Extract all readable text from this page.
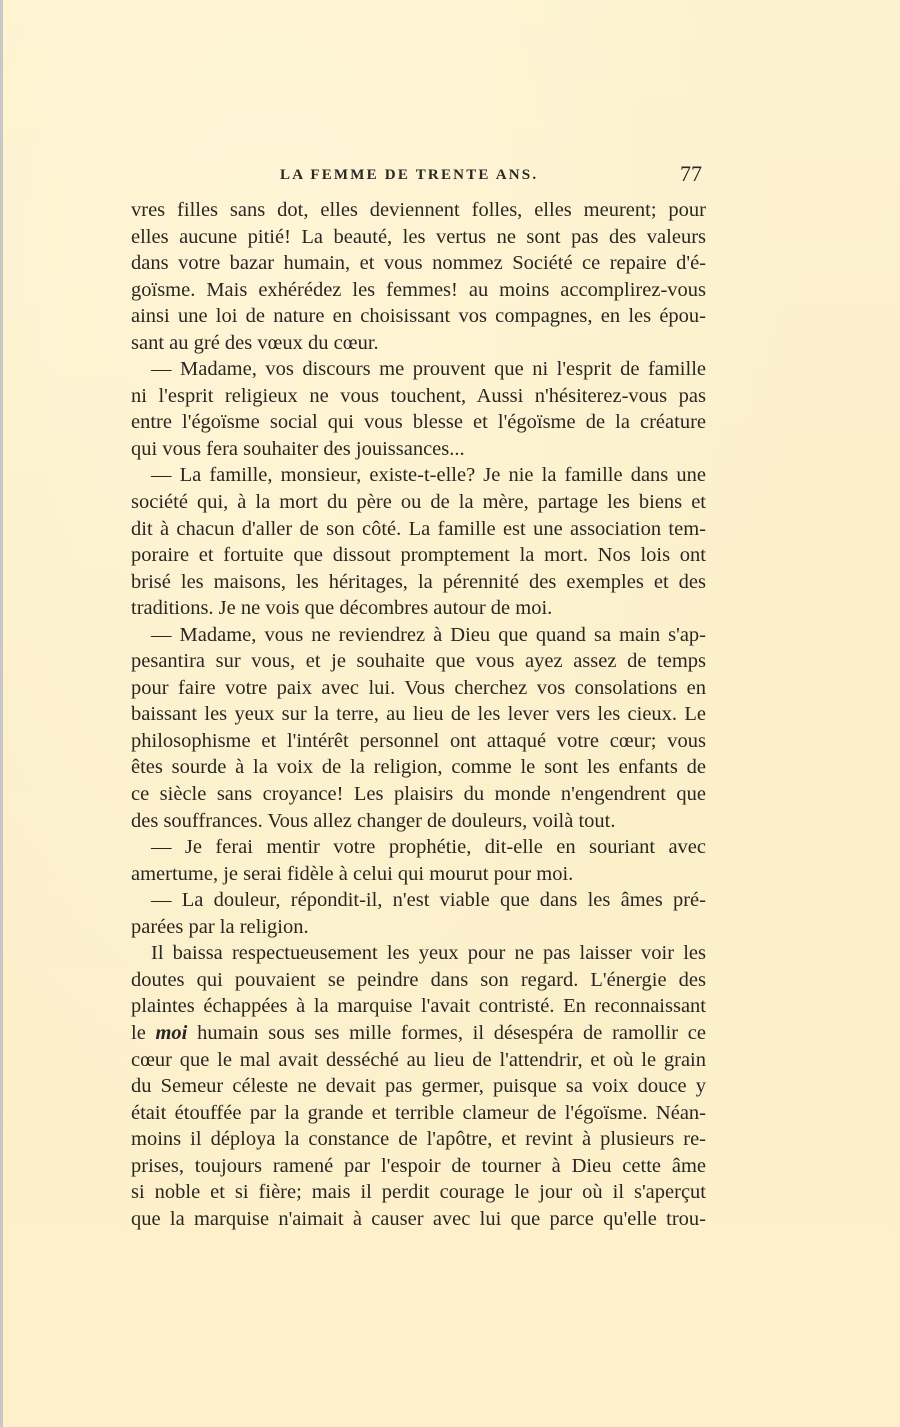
LA FEMME DE TRENTE ANS.	77
vres filles sans dot, elles deviennent folles, elles meurent; pour
elles aucune pitié! La beauté, les vertus ne sont pas des valeurs
dans votre bazar humain, et vous nommez Société ce repaire d'é-
goïsme. Mais exhérédez les femmes! au moins accomplirez-vous
ainsi une loi de nature en choisissant vos compagnes, en les épou-
sant au gré des vœux du cœur.
— Madame, vos discours me prouvent que ni l'esprit de famille
ni l'esprit religieux ne vous touchent, Aussi n'hésiterez-vous pas
entre l'égoïsme social qui vous blesse et l'égoïsme de la créature
qui vous fera souhaiter des jouissances...
— La famille, monsieur, existe-t-elle? Je nie la famille dans une
société qui, à la mort du père ou de la mère, partage les biens et
dit à chacun d'aller de son côté. La famille est une association tem-
poraire et fortuite que dissout promptement la mort. Nos lois ont
brisé les maisons, les héritages, la pérennité des exemples et des
traditions. Je ne vois que décombres autour de moi.
— Madame, vous ne reviendrez à Dieu que quand sa main s'ap-
pesantira sur vous, et je souhaite que vous ayez assez de temps
pour faire votre paix avec lui. Vous cherchez vos consolations en
baissant les yeux sur la terre, au lieu de les lever vers les cieux. Le
philosophisme et l'intérêt personnel ont attaqué votre cœur; vous
êtes sourde à la voix de la religion, comme le sont les enfants de
ce siècle sans croyance! Les plaisirs du monde n'engendrent que
des souffrances. Vous allez changer de douleurs, voilà tout.
— Je ferai mentir votre prophétie, dit-elle en souriant avec
amertume, je serai fidèle à celui qui mourut pour moi.
— La douleur, répondit-il, n'est viable que dans les âmes pré-
parées par la religion.
Il baissa respectueusement les yeux pour ne pas laisser voir les
doutes qui pouvaient se peindre dans son regard. L'énergie des
plaintes échappées à la marquise l'avait contristé. En reconnaissant
le moi humain sous ses mille formes, il désespéra de ramollir ce
cœur que le mal avait desséché au lieu de l'attendrir, et où le grain
du Semeur céleste ne devait pas germer, puisque sa voix douce y
était étouffée par la grande et terrible clameur de l'égoïsme. Néan-
moins il déploya la constance de l'apôtre, et revint à plusieurs re-
prises, toujours ramené par l'espoir de tourner à Dieu cette âme
si noble et si fière; mais il perdit courage le jour où il s'aperçut
que la marquise n'aimait à causer avec lui que parce qu'elle trou-
